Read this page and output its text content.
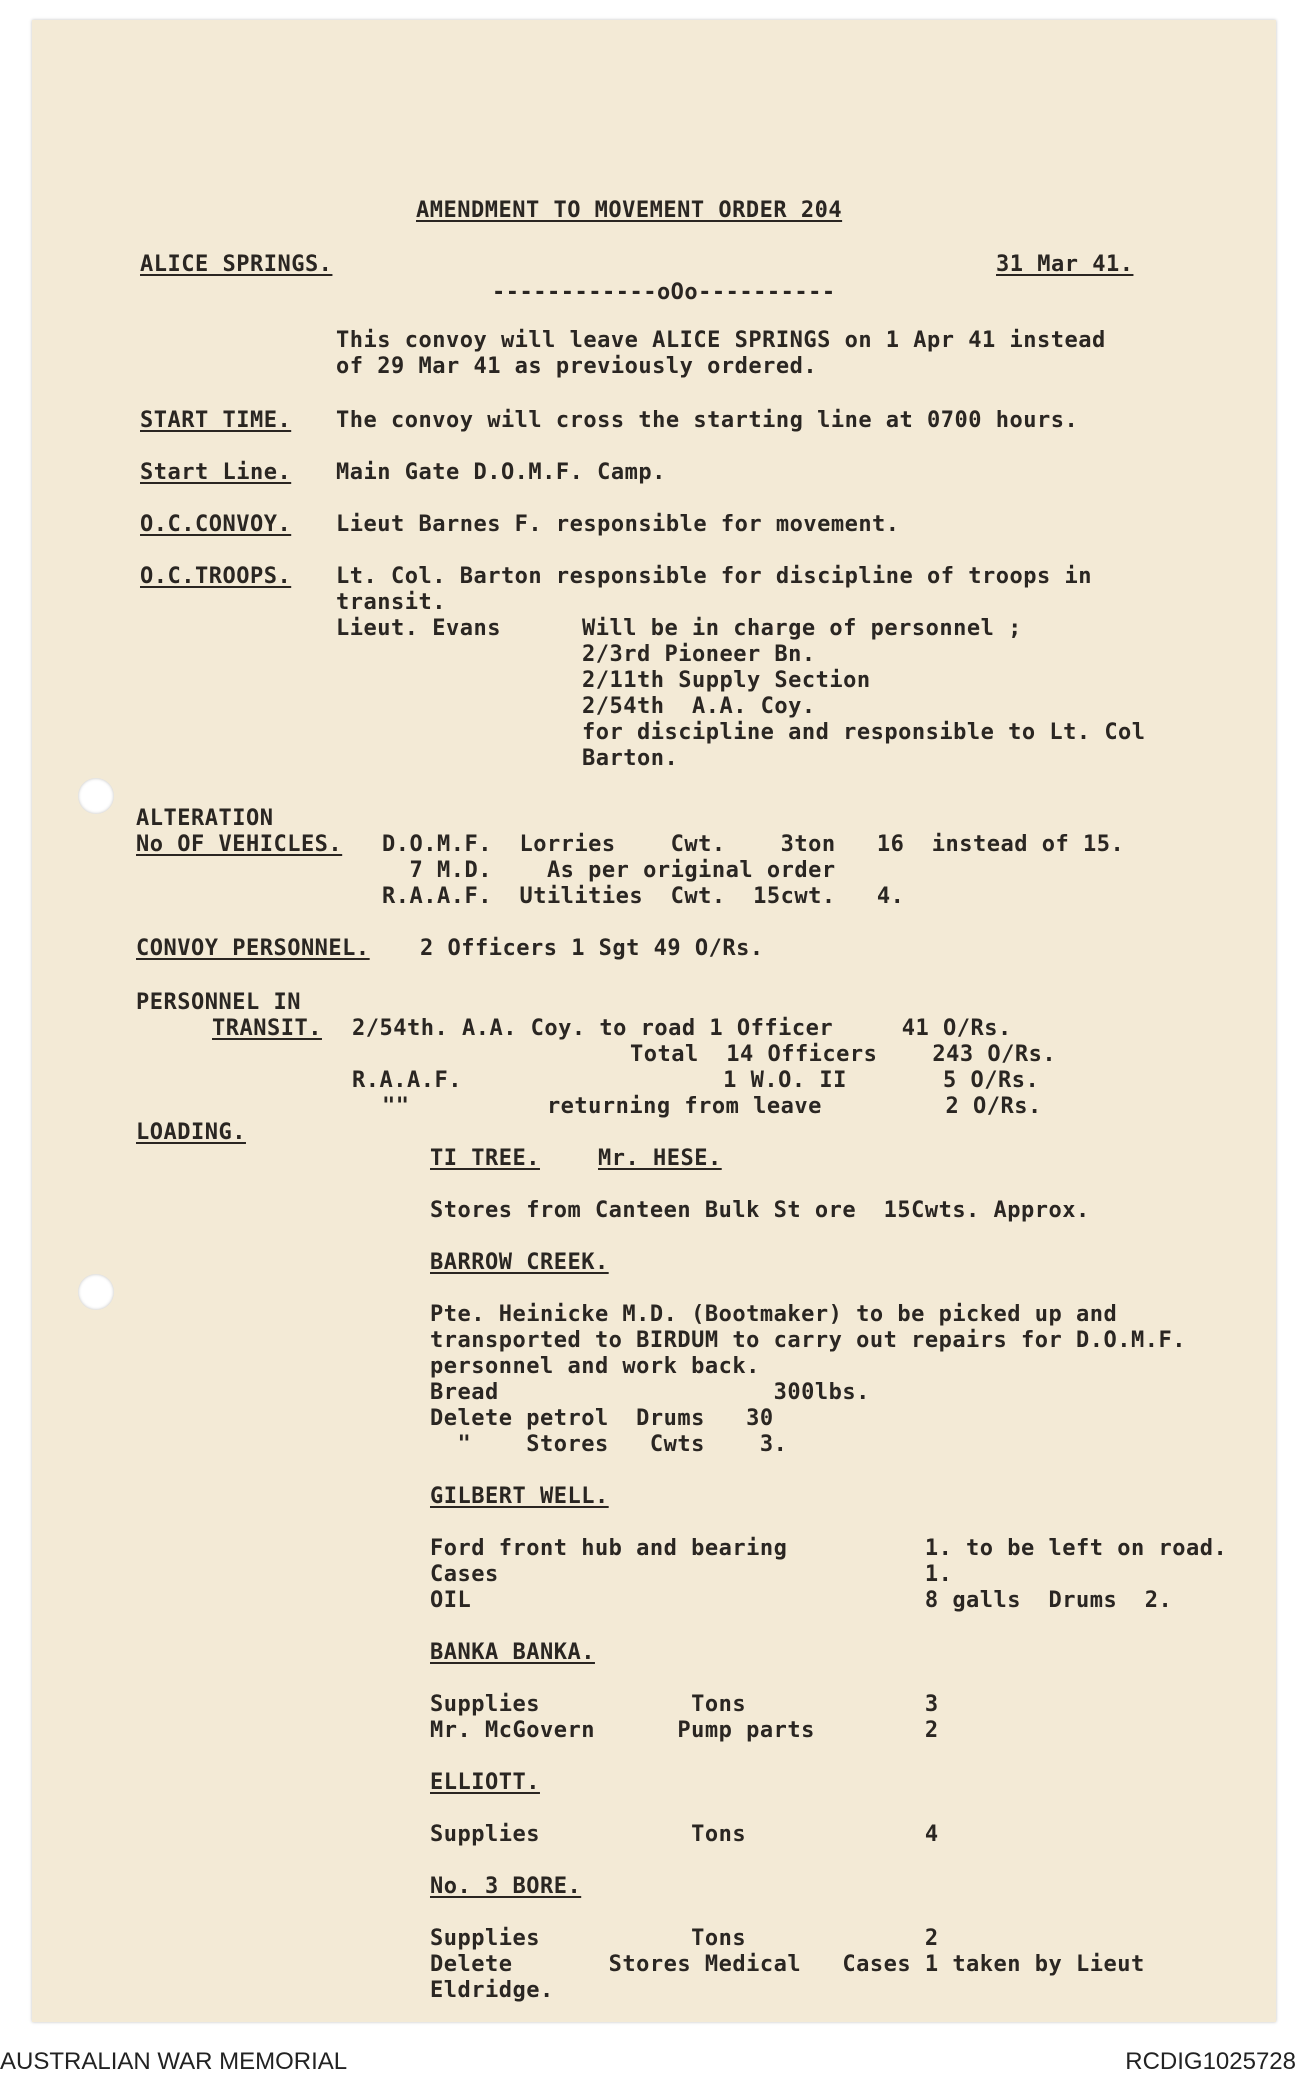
AMENDMENT TO MOVEMENT ORDER 204
ALICE SPRINGS.	31 Mar 41.
------------oOo----------
This convoy will leave ALICE SPRINGS on 1 Apr 41 instead
of 29 Mar 41 as previously ordered.
START TIME. The convoy will cross the starting line at 0700 hours.
Start Line. Main Gate D.O.M.F. Camp.
O.C.CONVOY. Lieut Barnes F. responsible for movement.
O.C.TROOPS. Lt. Col. Barton responsible for discipline of troops in
transit.
Lieut. Evans	Will be in charge of personnel ;
2/3rd Pioneer Bn.
2/11th Supply Section
2/54th  A.A. Coy.
for discipline and responsible to Lt. Col
Barton.
ALTERATION
No OF VEHICLES. D.O.M.F.  Lorries    Cwt.    3ton   16  instead of 15.
7 M.D.    As per original order
R.A.A.F.  Utilities  Cwt.  15cwt.   4.
CONVOY PERSONNEL. 2 Officers 1 Sgt 49 O/Rs.
PERSONNEL IN
TRANSIT. 2/54th. A.A. Coy. to road 1 Officer     41 O/Rs.
Total  14 Officers    243 O/Rs.
R.A.A.F.                   1 W.O. II       5 O/Rs.
""          returning from leave         2 O/Rs.
LOADING.
TI TREE.	Mr. HESE.
Stores from Canteen Bulk St ore  15Cwts. Approx.
BARROW CREEK.
Pte. Heinicke M.D. (Bootmaker) to be picked up and
transported to BIRDUM to carry out repairs for D.O.M.F.
personnel and work back.
Bread                    300lbs.
Delete petrol  Drums   30
"    Stores   Cwts    3.
GILBERT WELL.
Ford front hub and bearing          1. to be left on road.
Cases                               1.
OIL                                 8 galls  Drums  2.
BANKA BANKA.
Supplies           Tons             3
Mr. McGovern      Pump parts        2
ELLIOTT.
Supplies           Tons             4
No. 3 BORE.
Supplies           Tons             2
Delete       Stores Medical   Cases 1 taken by Lieut
Eldridge.
AUSTRALIAN WAR MEMORIAL	RCDIG1025728
